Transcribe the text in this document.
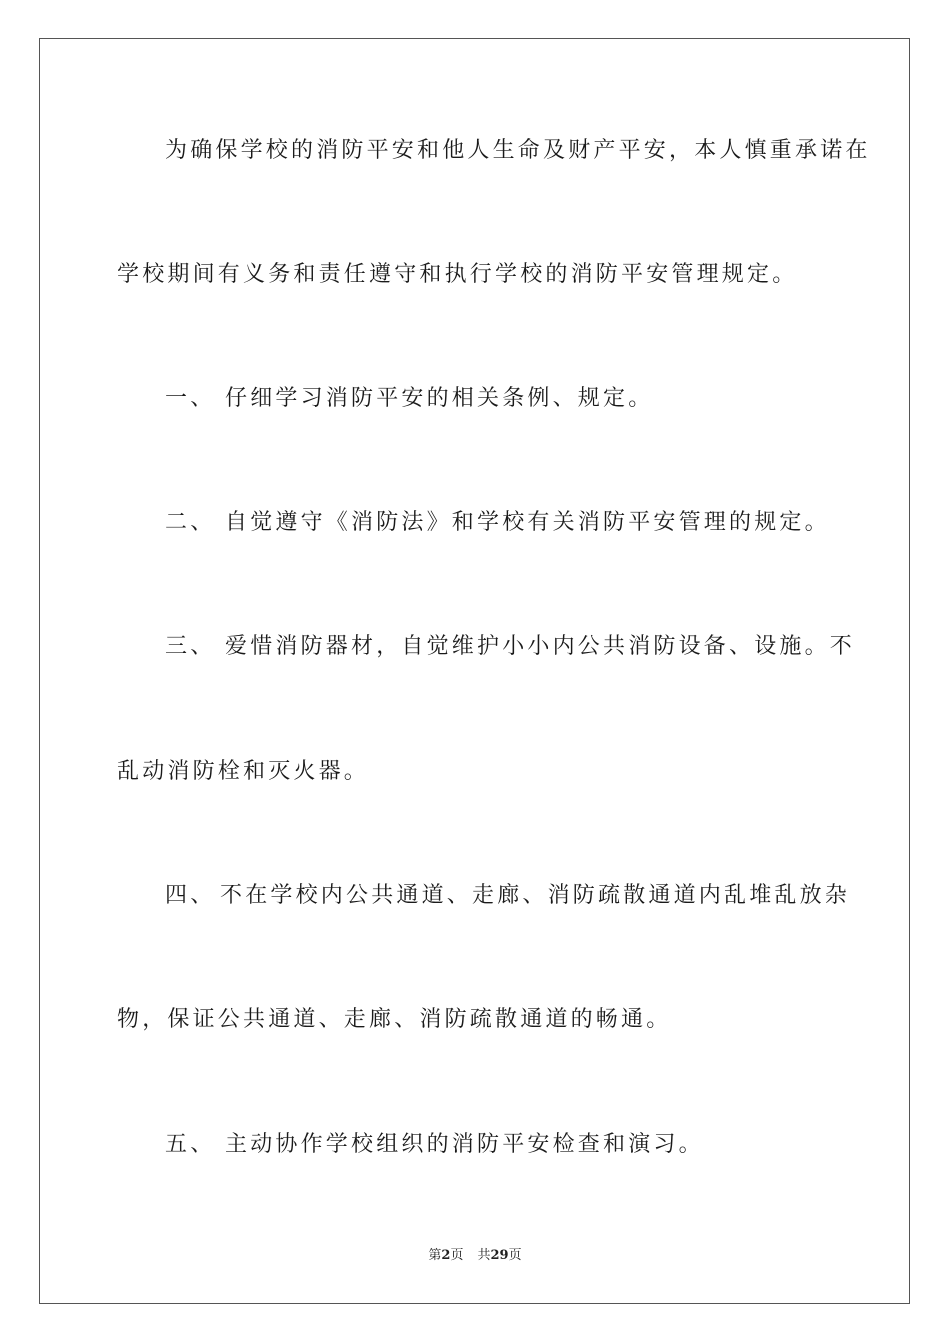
为确保学校的消防平安和他人生命及财产平安，本人慎重承诺在
学校期间有义务和责任遵守和执行学校的消防平安管理规定。
一、 仔细学习消防平安的相关条例、规定。
二、 自觉遵守《消防法》和学校有关消防平安管理的规定。
三、 爱惜消防器材，自觉维护小小内公共消防设备、设施。不
乱动消防栓和灭火器。
四、 不在学校内公共通道、走廊、消防疏散通道内乱堆乱放杂
物，保证公共通道、走廊、消防疏散通道的畅通。
五、 主动协作学校组织的消防平安检查和演习。
第2页 共29页
